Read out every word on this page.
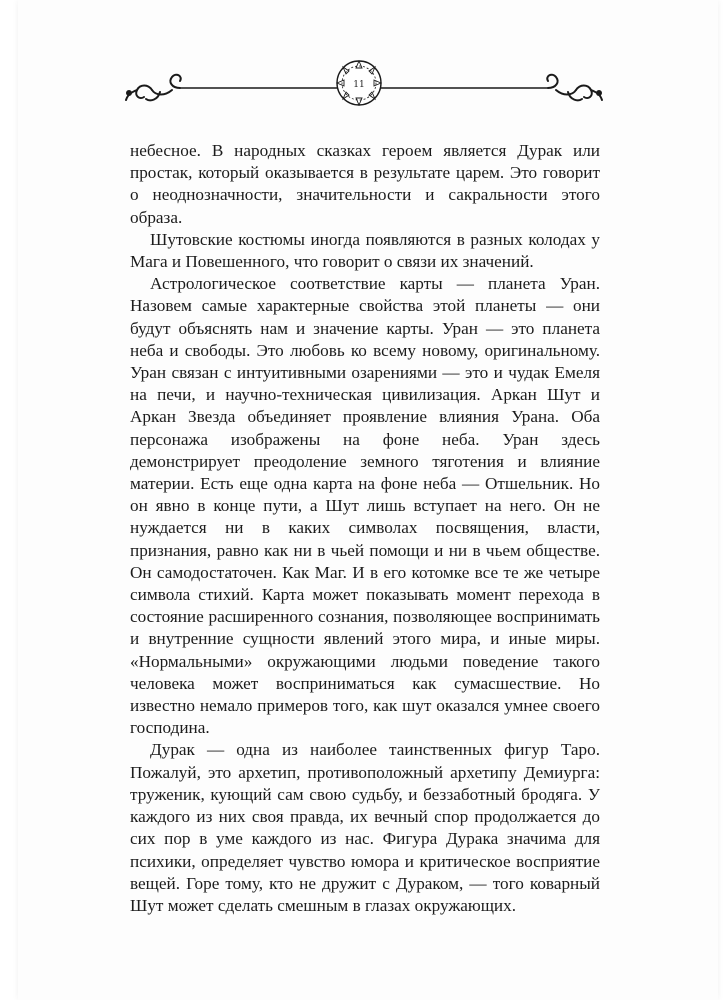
11

небесное. В народных сказках героем является Дурак или простак, который оказывается в результате царем. Это говорит о неоднозначности, значительности и сакральности этого образа.

Шутовские костюмы иногда появляются в разных колодах у Мага и Повешенного, что говорит о связи их значений.

Астрологическое соответствие карты — планета Уран. Назовем самые характерные свойства этой планеты — они будут объяснять нам и значение карты. Уран — это планета неба и свободы. Это любовь ко всему новому, оригинальному. Уран связан с интуитивными озарениями — это и чудак Емеля на печи, и научно-техническая цивилизация. Аркан Шут и Аркан Звезда объединяет проявление влияния Урана. Оба персонажа изображены на фоне неба. Уран здесь демонстрирует преодоление земного тяготения и влияние материи. Есть еще одна карта на фоне неба — Отшельник. Но он явно в конце пути, а Шут лишь вступает на него. Он не нуждается ни в каких символах посвящения, власти, признания, равно как ни в чьей помощи и ни в чьем обществе. Он самодостаточен. Как Маг. И в его котомке все те же четыре символа стихий. Карта может показывать момент перехода в состояние расширенного сознания, позволяющее воспринимать и внутренние сущности явлений этого мира, и иные миры. «Нормальными» окружающими людьми поведение такого человека может восприниматься как сумасшествие. Но известно немало примеров того, как шут оказался умнее своего господина.

Дурак — одна из наиболее таинственных фигур Таро. Пожалуй, это архетип, противоположный архетипу Демиурга: труженик, кующий сам свою судьбу, и беззаботный бродяга. У каждого из них своя правда, их вечный спор продолжается до сих пор в уме каждого из нас. Фигура Дурака значима для психики, определяет чувство юмора и критическое восприятие вещей. Горе тому, кто не дружит с Дураком, — того коварный Шут может сделать смешным в глазах окружающих.
